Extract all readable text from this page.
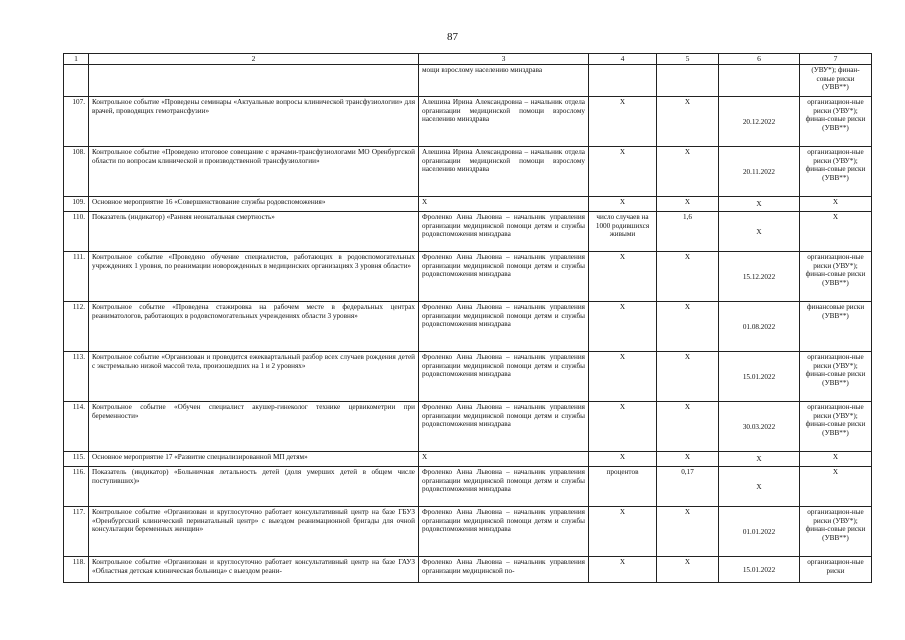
87
1	2	3	4	5	6	7
		мощи взрослому населению минздрава				(УВУ*); финан-совые риски (УВВ**)
107.	Контрольное событие «Проведены семинары «Актуальные вопросы клинической трансфузиологии» для врачей, проводящих гемотрансфузии»	Алешина Ирина Александровна – начальник отдела организации медицинской помощи взрослому населению минздрава	X	X	20.12.2022	организацион-ные риски (УВУ*); финан-совые риски (УВВ**)
108.	Контрольное событие «Проведено итоговое совещание с врачами-трансфузиологами МО Оренбургской области по вопросам клинической и производственной трансфузиологии»	Алешина Ирина Александровна – начальник отдела организации медицинской помощи взрослому населению минздрава	X	X	20.11.2022	организацион-ные риски (УВУ*); финан-совые риски (УВВ**)
109.	Основное мероприятие 16 «Совершенствование службы родовспоможения»	X	X	X	X	X
110.	Показатель (индикатор) «Ранняя неонатальная смертность»	Фроленко Анна Львовна – начальник управления организации медицинской помощи детям и службы родовспоможения минздрава	число случаев на 1000 родившихся живыми	1,6	X	X
111.	Контрольное событие «Проведено обучение специалистов, работающих в родовспомогательных учреждениях 1 уровня, по реанимации новорожденных в медицинских организациях 3 уровня области»	Фроленко Анна Львовна – начальник управления организации медицинской помощи детям и службы родовспоможения минздрава	X	X	15.12.2022	организацион-ные риски (УВУ*); финан-совые риски (УВВ**)
112.	Контрольное событие «Проведена стажировка на рабочем месте в федеральных центрах реаниматологов, работающих в родовспомогательных учреждениях области 3 уровня»	Фроленко Анна Львовна – начальник управления организации медицинской помощи детям и службы родовспоможения минздрава	X	X	01.08.2022	финансовые риски (УВВ**)
113.	Контрольное событие «Организован и проводится ежеквартальный разбор всех случаев рождения детей с экстремально низкой массой тела, произошедших на 1 и 2 уровнях»	Фроленко Анна Львовна – начальник управления организации медицинской помощи детям и службы родовспоможения минздрава	X	X	15.01.2022	организацион-ные риски (УВУ*); финан-совые риски (УВВ**)
114.	Контрольное событие «Обучен специалист акушер-гинеколог технике цервикометрии при беременности»	Фроленко Анна Львовна – начальник управления организации медицинской помощи детям и службы родовспоможения минздрава	X	X	30.03.2022	организацион-ные риски (УВУ*); финан-совые риски (УВВ**)
115.	Основное мероприятие 17 «Развитие специализированной МП детям»	X	X	X	X	X
116.	Показатель (индикатор) «Больничная летальность детей (доля умерших детей в общем числе поступивших)»	Фроленко Анна Львовна – начальник управления организации медицинской помощи детям и службы родовспоможения минздрава	процентов	0,17	X	X
117.	Контрольное событие «Организован и круглосуточно работает консультативный центр на базе ГБУЗ «Оренбургский клинический перинатальный центр» с выездом реанимационной бригады для очной консультации беременных женщин»	Фроленко Анна Львовна – начальник управления организации медицинской помощи детям и службы родовспоможения минздрава	X	X	01.01.2022	организацион-ные риски (УВУ*); финан-совые риски (УВВ**)
118.	Контрольное событие «Организован и круглосуточно работает консультативный центр на базе ГАУЗ «Областная детская клиническая больница» с выездом реани-	Фроленко Анна Львовна – начальник управления организации медицинской по-	X	X	15.01.2022	организацион-ные риски
